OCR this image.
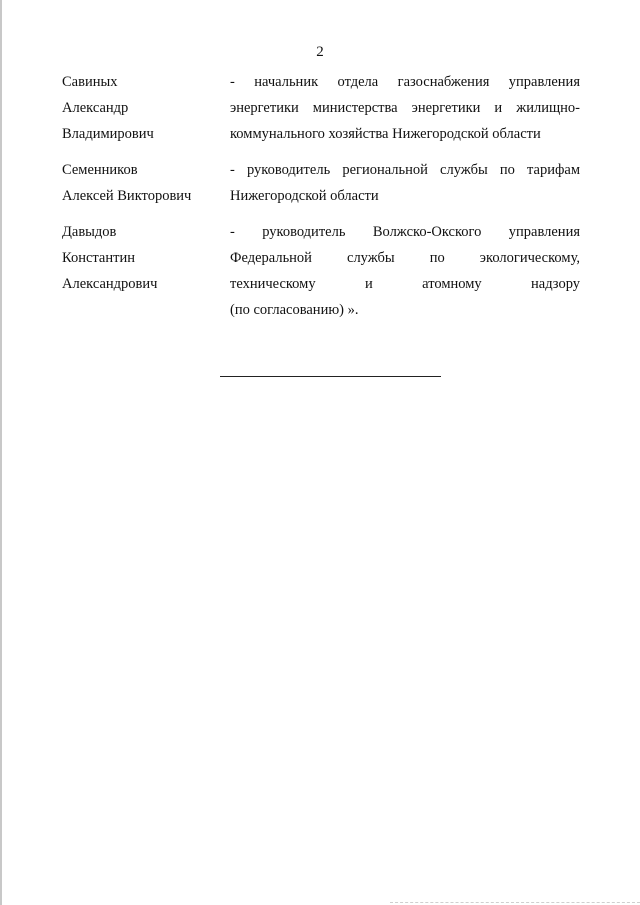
2
Савиных
Александр
Владимирович
- начальник отдела газоснабжения управления
энергетики министерства энергетики и жилищно-
коммунального хозяйства Нижегородской области
Семенников
Алексей Викторович
- руководитель региональной службы по тарифам
Нижегородской области
Давыдов
Константин
Александрович
- руководитель Волжско-Окского управления
Федеральной службы по экологическому,
техническому и атомному надзору
(по согласованию) ».
